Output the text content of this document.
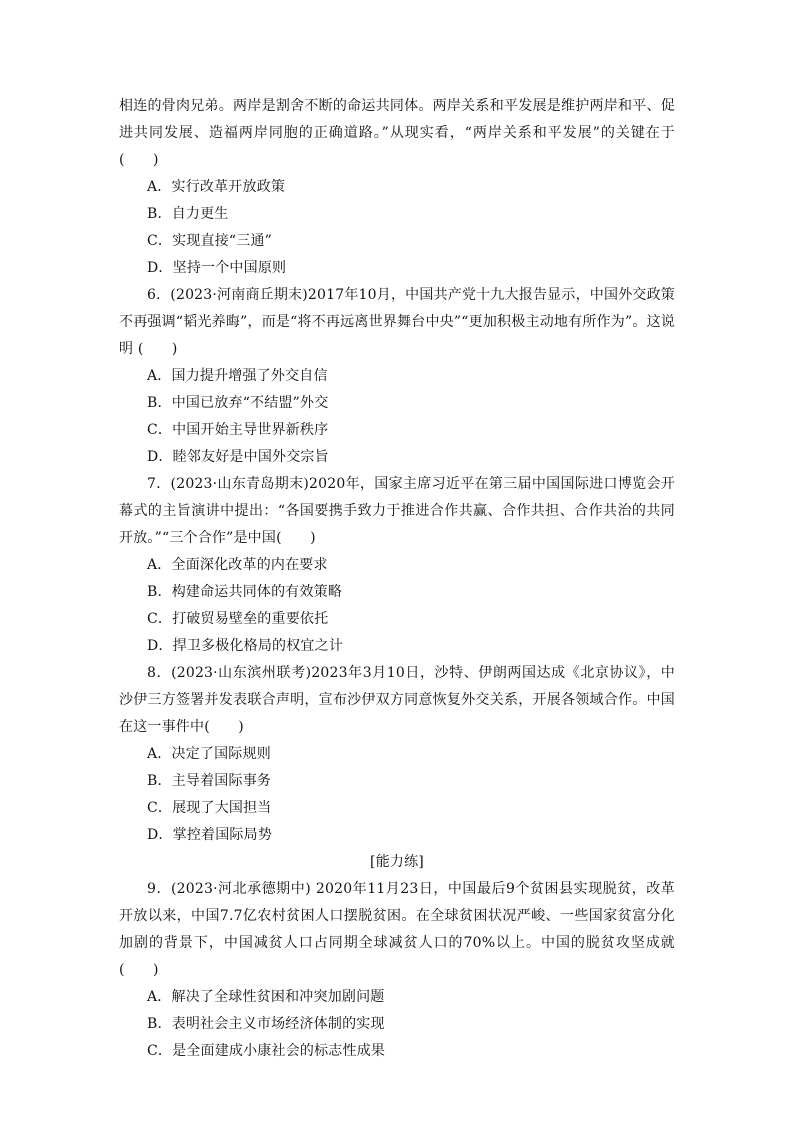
相连的骨肉兄弟。两岸是割舍不断的命运共同体。两岸关系和平发展是维护两岸和平、促进共同发展、造福两岸同胞的正确道路。”从现实看，“两岸关系和平发展”的关键在于(　　)

A．实行改革开放政策

B．自力更生

C．实现直接“三通”

D．坚持一个中国原则

6．(2023·河南商丘期末)2017年10月，中国共产党十九大报告显示，中国外交政策不再强调“韬光养晦”，而是“将不再远离世界舞台中央”“更加积极主动地有所作为”。这说明 (　　)

A．国力提升增强了外交自信

B．中国已放弃“不结盟”外交

C．中国开始主导世界新秩序

D．睦邻友好是中国外交宗旨

7．(2023·山东青岛期末)2020年，国家主席习近平在第三届中国国际进口博览会开幕式的主旨演讲中提出：“各国要携手致力于推进合作共赢、合作共担、合作共治的共同开放。”“三个合作”是中国(　　)

A．全面深化改革的内在要求

B．构建命运共同体的有效策略

C．打破贸易壁垒的重要依托

D．捍卫多极化格局的权宜之计

8．(2023·山东滨州联考)2023年3月10日，沙特、伊朗两国达成《北京协议》，中沙伊三方签署并发表联合声明，宣布沙伊双方同意恢复外交关系，开展各领域合作。中国在这一事件中(　　)

A．决定了国际规则

B．主导着国际事务

C．展现了大国担当

D．掌控着国际局势

[能力练]

9．(2023·河北承德期中) 2020年11月23日，中国最后9个贫困县实现脱贫，改革开放以来，中国7.7亿农村贫困人口摆脱贫困。在全球贫困状况严峻、一些国家贫富分化加剧的背景下，中国减贫人口占同期全球减贫人口的70%以上。中国的脱贫攻坚成就 (　　)

A．解决了全球性贫困和冲突加剧问题

B．表明社会主义市场经济体制的实现

C．是全面建成小康社会的标志性成果
